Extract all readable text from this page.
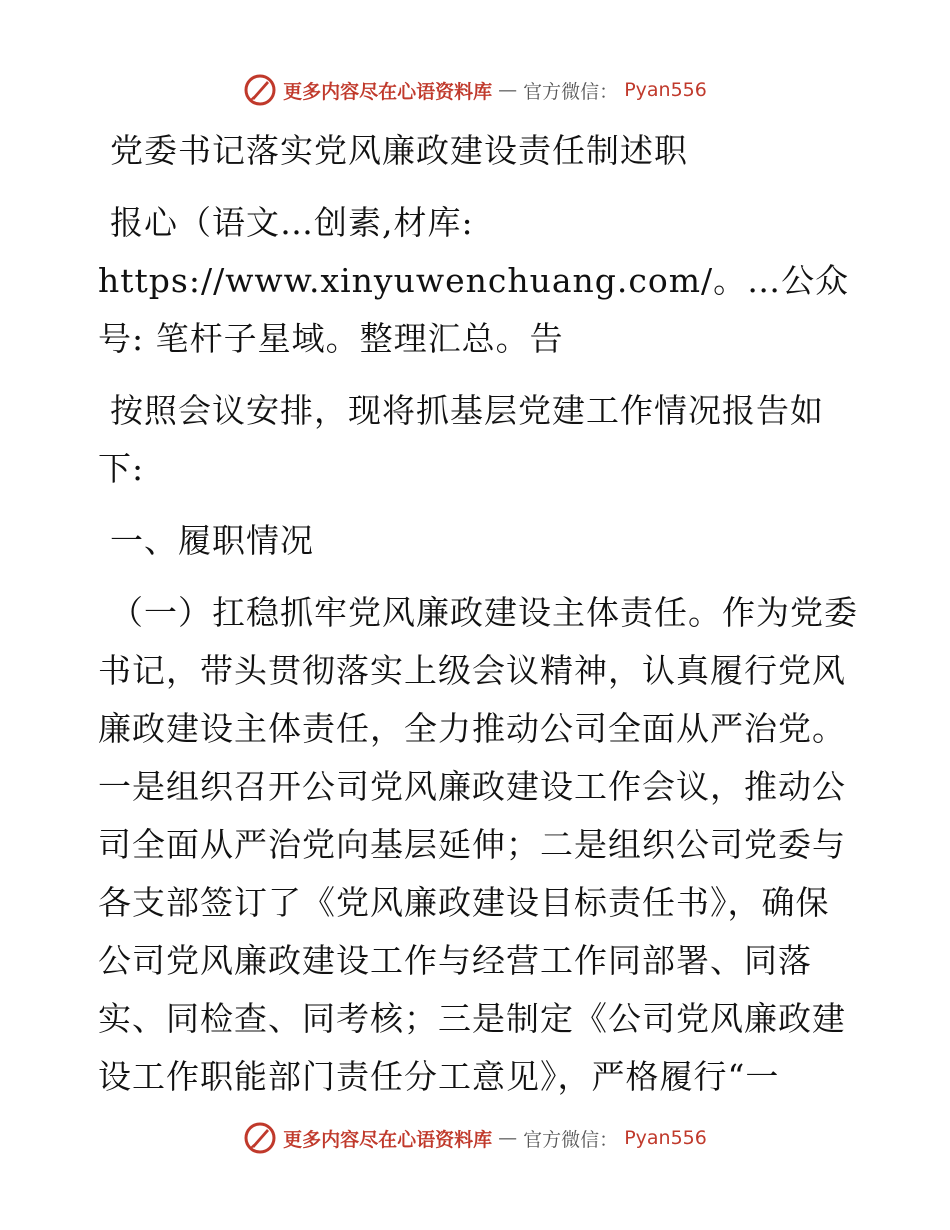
更多内容尽在心语资料库 — 官方微信： Pyan556

党委书记落实党风廉政建设责任制述职

报心（语文…创素,材库: https://www.xinyuwenchuang.com/。…公众号: 笔杆子星域。整理汇总。告

按照会议安排，现将抓基层党建工作情况报告如下:

一、履职情况

（一）扛稳抓牢党风廉政建设主体责任。作为党委书记，带头贯彻落实上级会议精神，认真履行党风廉政建设主体责任，全力推动公司全面从严治党。一是组织召开公司党风廉政建设工作会议，推动公司全面从严治党向基层延伸；二是组织公司党委与各支部签订了《党风廉政建设目标责任书》，确保公司党风廉政建设工作与经营工作同部署、同落实、同检查、同考核；三是制定《公司党风廉政建设工作职能部门责任分工意见》，严格履行“一

更多内容尽在心语资料库 — 官方微信： Pyan556
